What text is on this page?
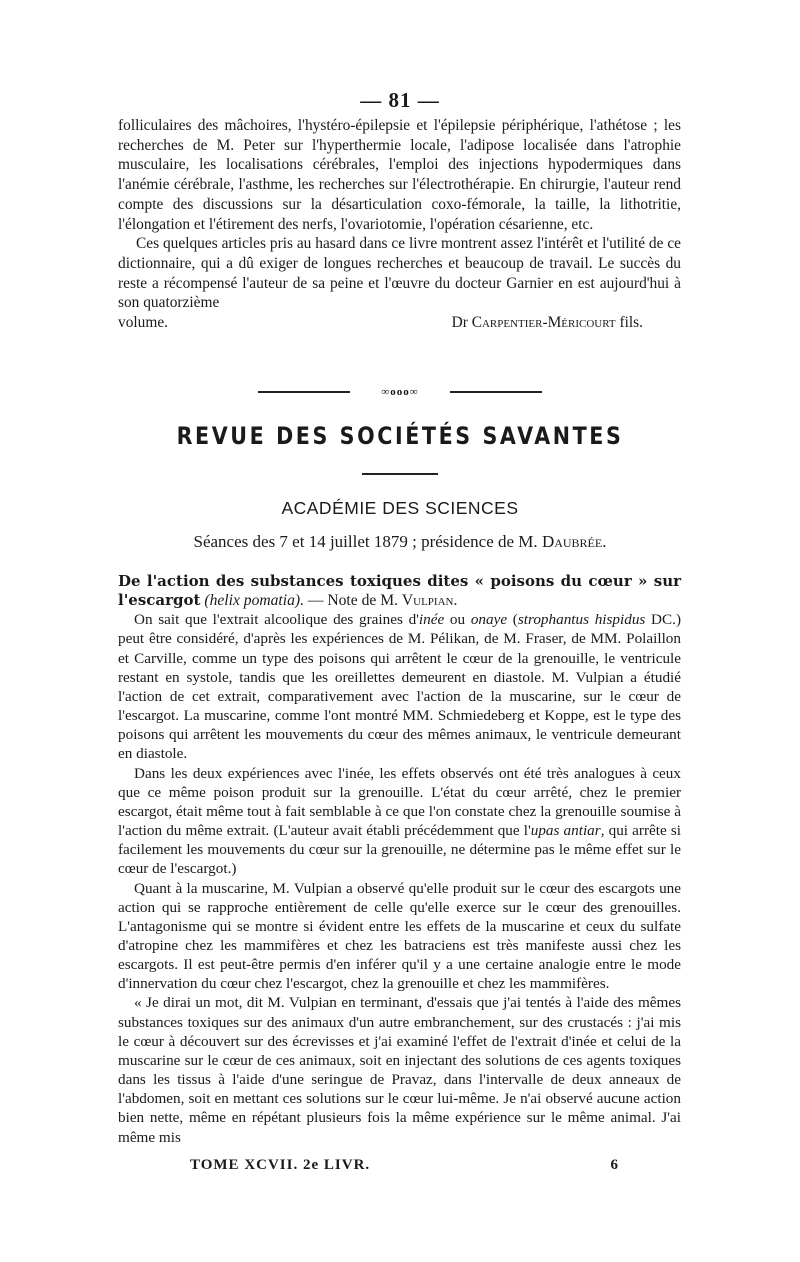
— 81 —

folliculaires des mâchoires, l'hystéro-épilepsie et l'épilepsie périphérique, l'athétose ; les recherches de M. Peter sur l'hyperthermie locale, l'adipose localisée dans l'atrophie musculaire, les localisations cérébrales, l'emploi des injections hypodermiques dans l'anémie cérébrale, l'asthme, les recherches sur l'électrothérapie. En chirurgie, l'auteur rend compte des discussions sur la désarticulation coxo-fémorale, la taille, la lithotritie, l'élongation et l'étirement des nerfs, l'ovariotomie, l'opération césarienne, etc.

Ces quelques articles pris au hasard dans ce livre montrent assez l'intérêt et l'utilité de ce dictionnaire, qui a dû exiger de longues recherches et beaucoup de travail. Le succès du reste a récompensé l'auteur de sa peine et l'œuvre du docteur Garnier en est aujourd'hui à son quatorzième

volume.	Dr Carpentier-Méricourt fils.
∞ooo∞
REVUE DES SOCIÉTÉS SAVANTES
ACADÉMIE DES SCIENCES
Séances des 7 et 14 juillet 1879 ; présidence de M. Daubrée.

De l'action des substances toxiques dites « poisons du cœur » sur l'escargot (helix pomatia). — Note de M. Vulpian.

On sait que l'extrait alcoolique des graines d'inée ou onaye (strophantus hispidus DC.) peut être considéré, d'après les expériences de M. Pélikan, de M. Fraser, de MM. Polaillon et Carville, comme un type des poisons qui arrêtent le cœur de la grenouille, le ventricule restant en systole, tandis que les oreillettes demeurent en diastole. M. Vulpian a étudié l'action de cet extrait, comparativement avec l'action de la muscarine, sur le cœur de l'escargot. La muscarine, comme l'ont montré MM. Schmiedeberg et Koppe, est le type des poisons qui arrêtent les mouvements du cœur des mêmes animaux, le ventricule demeurant en diastole.

Dans les deux expériences avec l'inée, les effets observés ont été très analogues à ceux que ce même poison produit sur la grenouille. L'état du cœur arrêté, chez le premier escargot, était même tout à fait semblable à ce que l'on constate chez la grenouille soumise à l'action du même extrait. (L'auteur avait établi précédemment que l'upas antiar, qui arrête si facilement les mouvements du cœur sur la grenouille, ne détermine pas le même effet sur le cœur de l'escargot.)

Quant à la muscarine, M. Vulpian a observé qu'elle produit sur le cœur des escargots une action qui se rapproche entièrement de celle qu'elle exerce sur le cœur des grenouilles. L'antagonisme qui se montre si évident entre les effets de la muscarine et ceux du sulfate d'atropine chez les mammifères et chez les batraciens est très manifeste aussi chez les escargots. Il est peut-être permis d'en inférer qu'il y a une certaine analogie entre le mode d'innervation du cœur chez l'escargot, chez la grenouille et chez les mammifères.

« Je dirai un mot, dit M. Vulpian en terminant, d'essais que j'ai tentés à l'aide des mêmes substances toxiques sur des animaux d'un autre embranchement, sur des crustacés : j'ai mis le cœur à découvert sur des écrevisses et j'ai examiné l'effet de l'extrait d'inée et celui de la muscarine sur le cœur de ces animaux, soit en injectant des solutions de ces agents toxiques dans les tissus à l'aide d'une seringue de Pravaz, dans l'intervalle de deux anneaux de l'abdomen, soit en mettant ces solutions sur le cœur lui-même. Je n'ai observé aucune action bien nette, même en répétant plusieurs fois la même expérience sur le même animal. J'ai même mis

TOME XCVII. 2e LIVR.	6
